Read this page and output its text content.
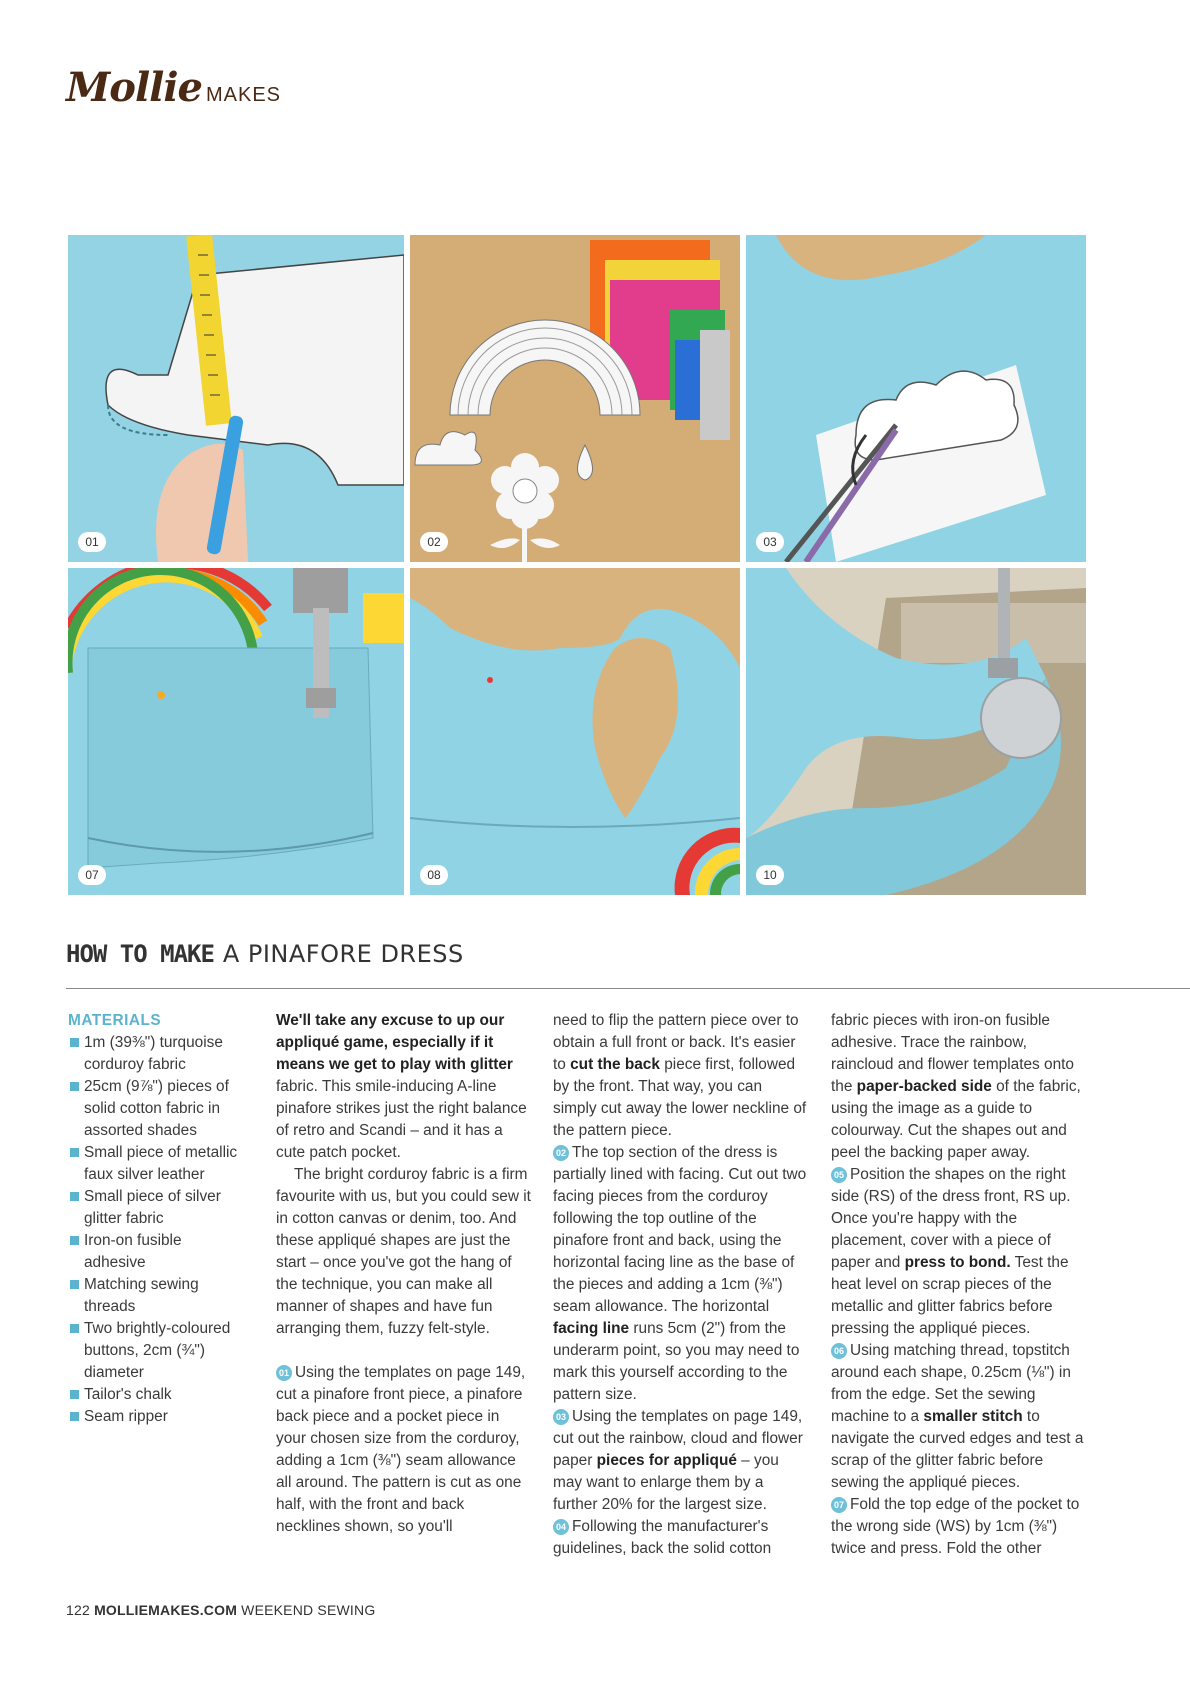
Mollie MAKES
01	02	03
07	08	10
HOW TO MAKE A PINAFORE DRESS

MATERIALS

1m (39⅜") turquoise corduroy fabric
25cm (9⅞") pieces of solid cotton fabric in assorted shades
Small piece of metallic faux silver leather
Small piece of silver glitter fabric
Iron-on fusible adhesive
Matching sewing threads
Two brightly-coloured buttons, 2cm (¾") diameter
Tailor's chalk
Seam ripper

We'll take any excuse to up our appliqué game, especially if it means we get to play with glitter fabric. This smile-inducing A-line pinafore strikes just the right balance of retro and Scandi – and it has a cute patch pocket.

The bright corduroy fabric is a firm favourite with us, but you could sew it in cotton canvas or denim, too. And these appliqué shapes are just the start – once you've got the hang of the technique, you can make all manner of shapes and have fun arranging them, fuzzy felt-style.

01 Using the templates on page 149, cut a pinafore front piece, a pinafore back piece and a pocket piece in your chosen size from the corduroy, adding a 1cm (⅜") seam allowance all around. The pattern is cut as one half, with the front and back necklines shown, so you'll

need to flip the pattern piece over to obtain a full front or back. It's easier to cut the back piece first, followed by the front. That way, you can simply cut away the lower neckline of the pattern piece.

02 The top section of the dress is partially lined with facing. Cut out two facing pieces from the corduroy following the top outline of the pinafore front and back, using the horizontal facing line as the base of the pieces and adding a 1cm (⅜") seam allowance. The horizontal facing line runs 5cm (2") from the underarm point, so you may need to mark this yourself according to the pattern size.

03 Using the templates on page 149, cut out the rainbow, cloud and flower paper pieces for appliqué – you may want to enlarge them by a further 20% for the largest size.

04 Following the manufacturer's guidelines, back the solid cotton

fabric pieces with iron-on fusible adhesive. Trace the rainbow, raincloud and flower templates onto the paper-backed side of the fabric, using the image as a guide to colourway. Cut the shapes out and peel the backing paper away.

05 Position the shapes on the right side (RS) of the dress front, RS up. Once you're happy with the placement, cover with a piece of paper and press to bond. Test the heat level on scrap pieces of the metallic and glitter fabrics before pressing the appliqué pieces.

06 Using matching thread, topstitch around each shape, 0.25cm (⅛") in from the edge. Set the sewing machine to a smaller stitch to navigate the curved edges and test a scrap of the glitter fabric before sewing the appliqué pieces.

07 Fold the top edge of the pocket to the wrong side (WS) by 1cm (⅜") twice and press. Fold the other

122 MOLLIEMAKES.COM WEEKEND SEWING
